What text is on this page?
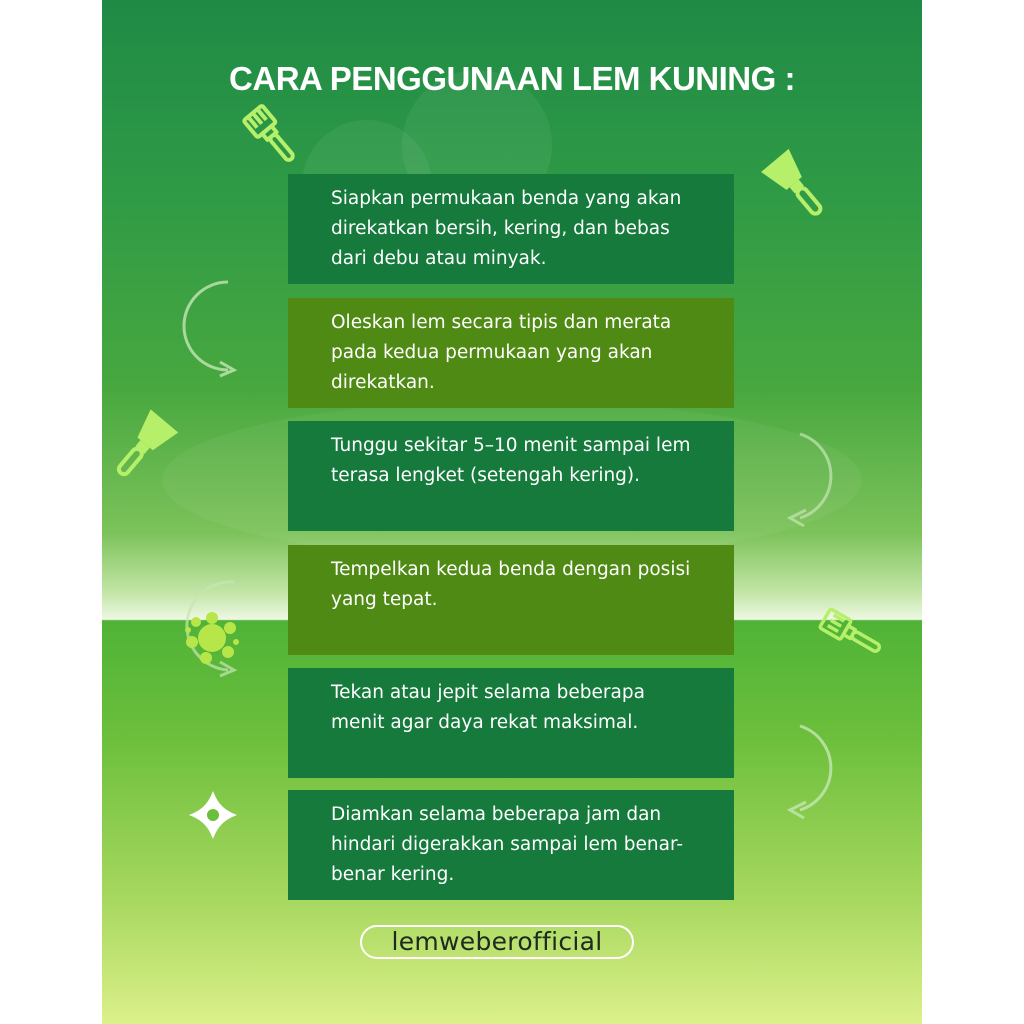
CARA PENGGUNAAN LEM KUNING :
Siapkan permukaan benda yang akan
direkatkan bersih, kering, dan bebas
dari debu atau minyak.
Oleskan lem secara tipis dan merata
pada kedua permukaan yang akan
direkatkan.
Tunggu sekitar 5–10 menit sampai lem
terasa lengket (setengah kering).
Tempelkan kedua benda dengan posisi
yang tepat.
Tekan atau jepit selama beberapa
menit agar daya rekat maksimal.
Diamkan selama beberapa jam dan
hindari digerakkan sampai lem benar-
benar kering.
lemweberofficial
